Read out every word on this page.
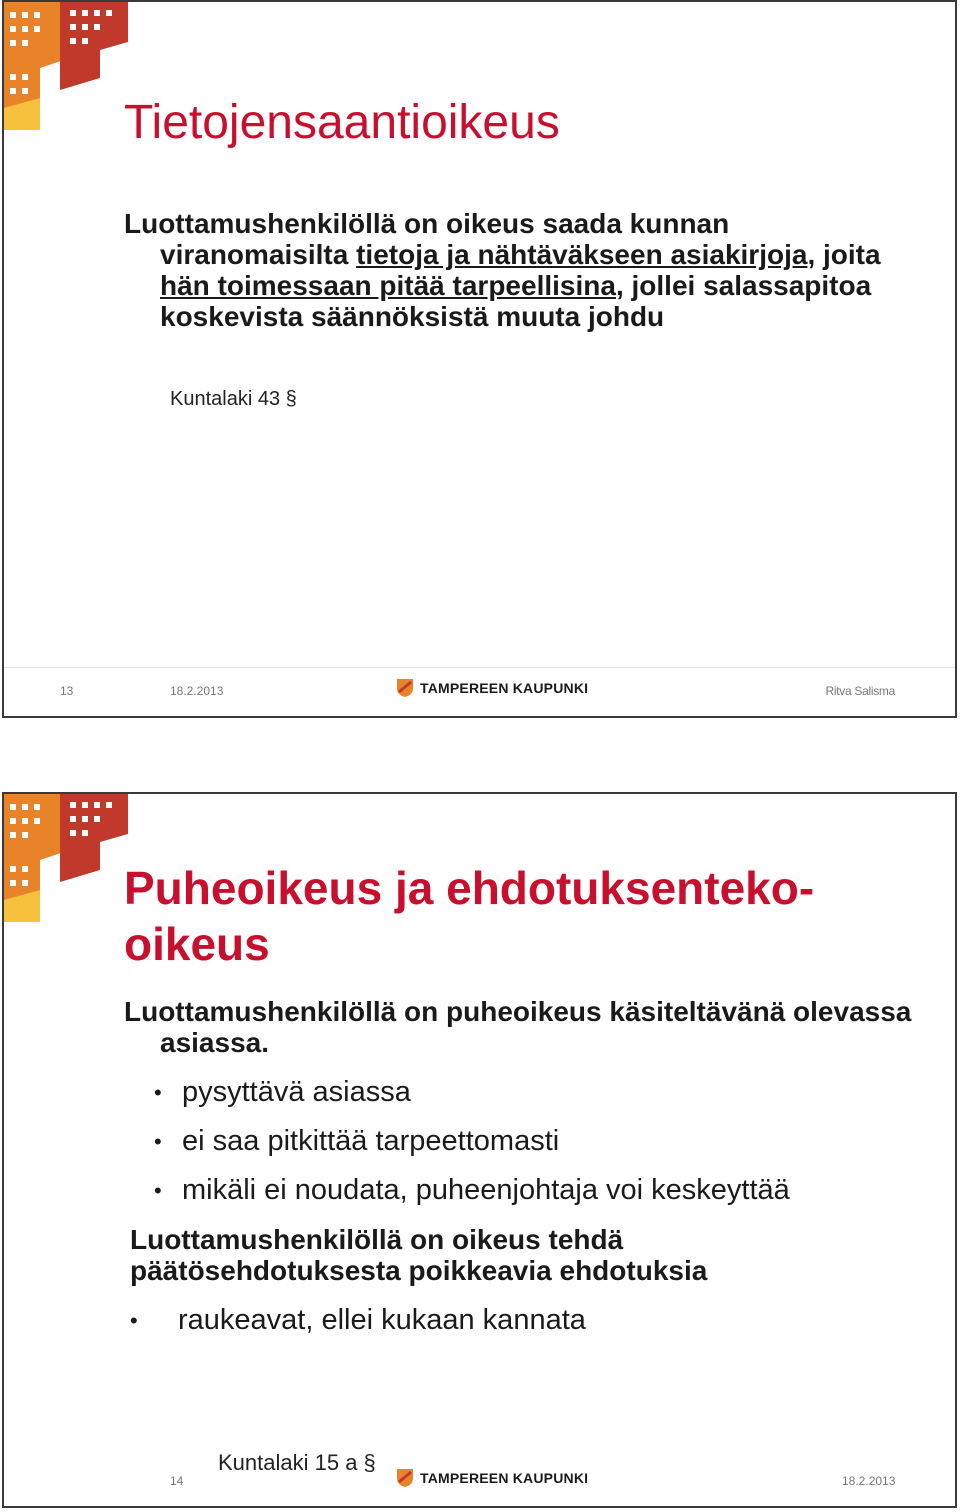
Tietojensaantioikeus
Luottamushenkilöllä on oikeus saada kunnan viranomaisilta tietoja ja nähtäväkseen asiakirjoja, joita hän toimessaan pitää tarpeellisina, jollei salassapitoa koskevista säännöksistä muuta johdu
Kuntalaki 43 §
13	18.2.2013	TAMPEREEN KAUPUNKI	Ritva Salisma
Puheoikeus ja ehdotuksenteko-
oikeus
Luottamushenkilöllä on puheoikeus käsiteltävänä olevassa asiassa.
• pysyttävä asiassa
• ei saa pitkittää tarpeettomasti
• mikäli ei noudata, puheenjohtaja voi keskeyttää
Luottamushenkilöllä on oikeus tehdä päätösehdotuksesta poikkeavia ehdotuksia
• raukeavat, ellei kukaan kannata
Kuntalaki 15 a §
14	TAMPEREEN KAUPUNKI	18.2.2013
